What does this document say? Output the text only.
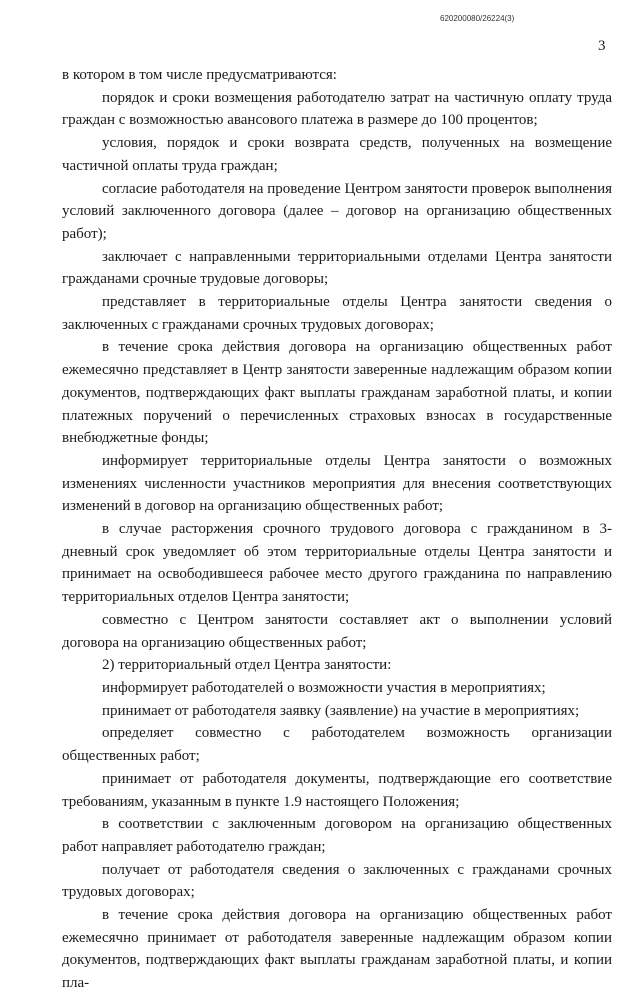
620200080/26224(3)
3

в котором в том числе предусматриваются:

порядок и сроки возмещения работодателю затрат на частичную оплату труда граждан с возможностью авансового платежа в размере до 100 процентов;

условия, порядок и сроки возврата средств, полученных на возмещение частичной оплаты труда граждан;

согласие работодателя на проведение Центром занятости проверок выполнения условий заключенного договора (далее – договор на организацию общественных работ);

заключает с направленными территориальными отделами Центра занятости гражданами срочные трудовые договоры;

представляет в территориальные отделы Центра занятости сведения о заключенных с гражданами срочных трудовых договорах;

в течение срока действия договора на организацию общественных работ ежемесячно представляет в Центр занятости заверенные надлежащим образом копии документов, подтверждающих факт выплаты гражданам заработной платы, и копии платежных поручений о перечисленных страховых взносах в государственные внебюджетные фонды;

информирует территориальные отделы Центра занятости о возможных изменениях численности участников мероприятия для внесения соответствующих изменений в договор на организацию общественных работ;

в случае расторжения срочного трудового договора с гражданином в 3-дневный срок уведомляет об этом территориальные отделы Центра занятости и принимает на освободившееся рабочее место другого гражданина по направлению территориальных отделов Центра занятости;

совместно с Центром занятости составляет акт о выполнении условий договора на организацию общественных работ;

2) территориальный отдел Центра занятости:

информирует работодателей о возможности участия в мероприятиях;

принимает от работодателя заявку (заявление) на участие в мероприятиях;

определяет совместно с работодателем возможность организации общественных работ;

принимает от работодателя документы, подтверждающие его соответствие требованиям, указанным в пункте 1.9 настоящего Положения;

в соответствии с заключенным договором на организацию общественных работ направляет работодателю граждан;

получает от работодателя сведения о заключенных с гражданами срочных трудовых договорах;

в течение срока действия договора на организацию общественных работ ежемесячно принимает от работодателя заверенные надлежащим образом копии документов, подтверждающих факт выплаты гражданам заработной платы, и копии пла-
